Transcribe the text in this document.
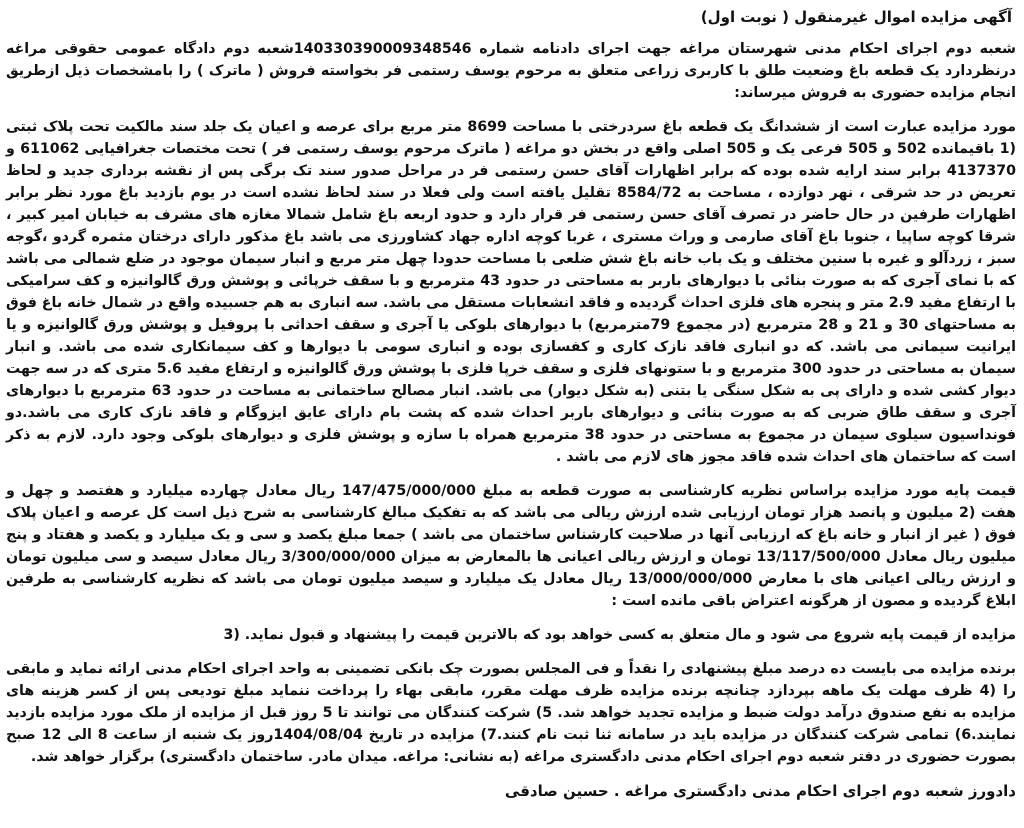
آگهی مزایده اموال غیرمنقول ( نوبت اول)
شعبه دوم اجرای احکام مدنی شهرستان مراغه جهت اجرای دادنامه شماره 140330390009348546شعبه دوم دادگاه عمومی حقوقی مراغه درنظردارد یک قطعه باغ وضعیت طلق با کاربری زراعی متعلق به مرحوم یوسف رستمی فر بخواسته فروش ( ماترک ) را بامشخصات ذیل ازطریق انجام مزایده حضوری به فروش میرساند:
مورد مزایده عبارت است از ششدانگ یک قطعه باغ سردرختی با مساحت 8699 متر مربع برای عرصه و اعیان یک جلد سند مالکیت تحت پلاک ثبتی (1 باقیمانده 502 و 505 فرعی یک و 505 اصلی واقع در بخش دو مراغه ( ماترک مرحوم یوسف رستمی فر ) تحت مختصات جغرافیایی 611062 و 4137370 برابر سند ارایه شده بوده که برابر اظهارات آقای حسن رستمی فر در مراحل صدور سند تک برگی پس از نقشه برداری جدید و لحاظ تعریض در حد شرقی ، نهر دوازده ، مساحت به 8584/72 تقلیل یافته است ولی فعلا در سند لحاظ نشده است در یوم بازدید باغ مورد نظر برابر اظهارات طرفین در حال حاضر در تصرف آقای حسن رستمی فر قرار دارد و حدود اربعه باغ شامل شمالا مغازه های مشرف به خیابان امیر کبیر ، شرقا کوچه ساپیا ، جنوبا باغ آقای صارمی و وراث مستری ، غربا کوچه اداره جهاد کشاورزی می باشد باغ مذکور دارای درختان مثمره گردو ،گوجه سبز ، زردآلو و غیره با سنین مختلف و یک باب خانه باغ شش ضلعی با مساحت حدودا چهل متر مربع و انبار سیمان موجود در ضلع شمالی می باشد که با نمای آجری که به صورت بنائی با دیوارهای باربر به مساحتی در حدود 43 مترمربع و با سقف خرپائی و پوشش ورق گالوانیزه و کف سرامیکی با ارتفاع مفید 2.9 متر و پنجره های فلزی احداث گردیده و فاقد انشعابات مستقل می باشد. سه انباری به هم جسبیده واقع در شمال خانه باغ فوق به مساحتهای 30 و 21 و 28 مترمربع (در مجموع 79مترمربع) با دیوارهای بلوکی یا آجری و سقف احداثی با پروفیل و پوشش ورق گالوانیزه و یا ایرانیت سیمانی می باشد. که دو انباری فاقد نازک کاری و کفسازی بوده و انباری سومی با دیوارها و کف سیمانکاری شده می باشد. و انبار سیمان به مساحتی در حدود 300 مترمربع و با ستونهای فلزی و سقف خرپا فلزی با پوشش ورق گالوانیزه و ارتفاع مفید 5.6 متری که در سه جهت دیوار کشی شده و دارای پی به شکل سنگی یا بتنی (به شکل دیوار) می باشد. انبار مصالح ساختمانی به مساحت در حدود 63 مترمربع با دیوارهای آجری و سقف طاق ضربی که به صورت بنائی و دیوارهای باربر احداث شده که پشت بام دارای عایق ایزوگام و فاقد نازک کاری می باشد.دو فونداسیون سیلوی سیمان در مجموع به مساحتی در حدود 38 مترمربع همراه با سازه و پوشش فلزی و دیوارهای بلوکی وجود دارد. لازم به ذکر است که ساختمان های احداث شده فاقد مجوز های لازم می باشد .
قیمت پایه مورد مزایده براساس نظریه کارشناسی به صورت قطعه به مبلغ 147/475/000/000 ریال معادل چهارده میلیارد و هفتصد و چهل و هفت (2 میلیون و پانصد هزار تومان ارزیابی شده ارزش ریالی می باشد که به تفکیک مبالغ کارشناسی به شرح ذیل است کل عرصه و اعیان پلاک فوق ( غیر از انبار و خانه باغ که ارزیابی آنها در صلاحیت کارشناس ساختمان می باشد ) جمعا مبلغ یکصد و سی و یک میلیارد و یکصد و هفتاد و پنج میلیون ریال معادل 13/117/500/000 تومان و ارزش ریالی اعیانی ها بالمعارض به میزان 3/300/000/000 ریال معادل سیصد و سی میلیون تومان و ارزش ریالی اعیانی های با معارض 13/000/000/000 ریال معادل یک میلیارد و سیصد میلیون تومان می باشد که نظریه کارشناسی به طرفین ابلاغ گردیده و مصون از هرگونه اعتراض باقی مانده است :
مزایده از قیمت پایه شروع می شود و مال متعلق به کسی خواهد بود که بالاترین قیمت را پیشنهاد و قبول نماید. (3
برنده مزایده می بایست ده درصد مبلغ پیشنهادی را نقداً و فی المجلس بصورت چک بانکی تضمینی به واحد اجرای احکام مدنی ارائه نماید و مابقی را (4 ظرف مهلت یک ماهه بپردازد چنانچه برنده مزایده ظرف مهلت مقرر، مابقی بهاء را پرداخت ننماید مبلغ تودیعی پس از کسر هزینه های مزایده به نفع صندوق درآمد دولت ضبط و مزایده تجدید خواهد شد. 5) شرکت کنندگان می توانند تا 5 روز قبل از مزایده از ملک مورد مزایده بازدید نمایند.6) تمامی شرکت کنندگان در مزایده باید در سامانه ثنا ثبت نام کنند.7) مزایده در تاریخ 1404/08/04روز یک شنبه از ساعت 8 الی 12 صبح بصورت حضوری در دفتر شعبه دوم اجرای احکام مدنی دادگستری مراغه (به نشانی: مراغه. میدان مادر. ساختمان دادگستری) برگزار خواهد شد.
دادورز شعبه دوم اجرای احکام مدنی دادگستری مراغه . حسین صادقی
